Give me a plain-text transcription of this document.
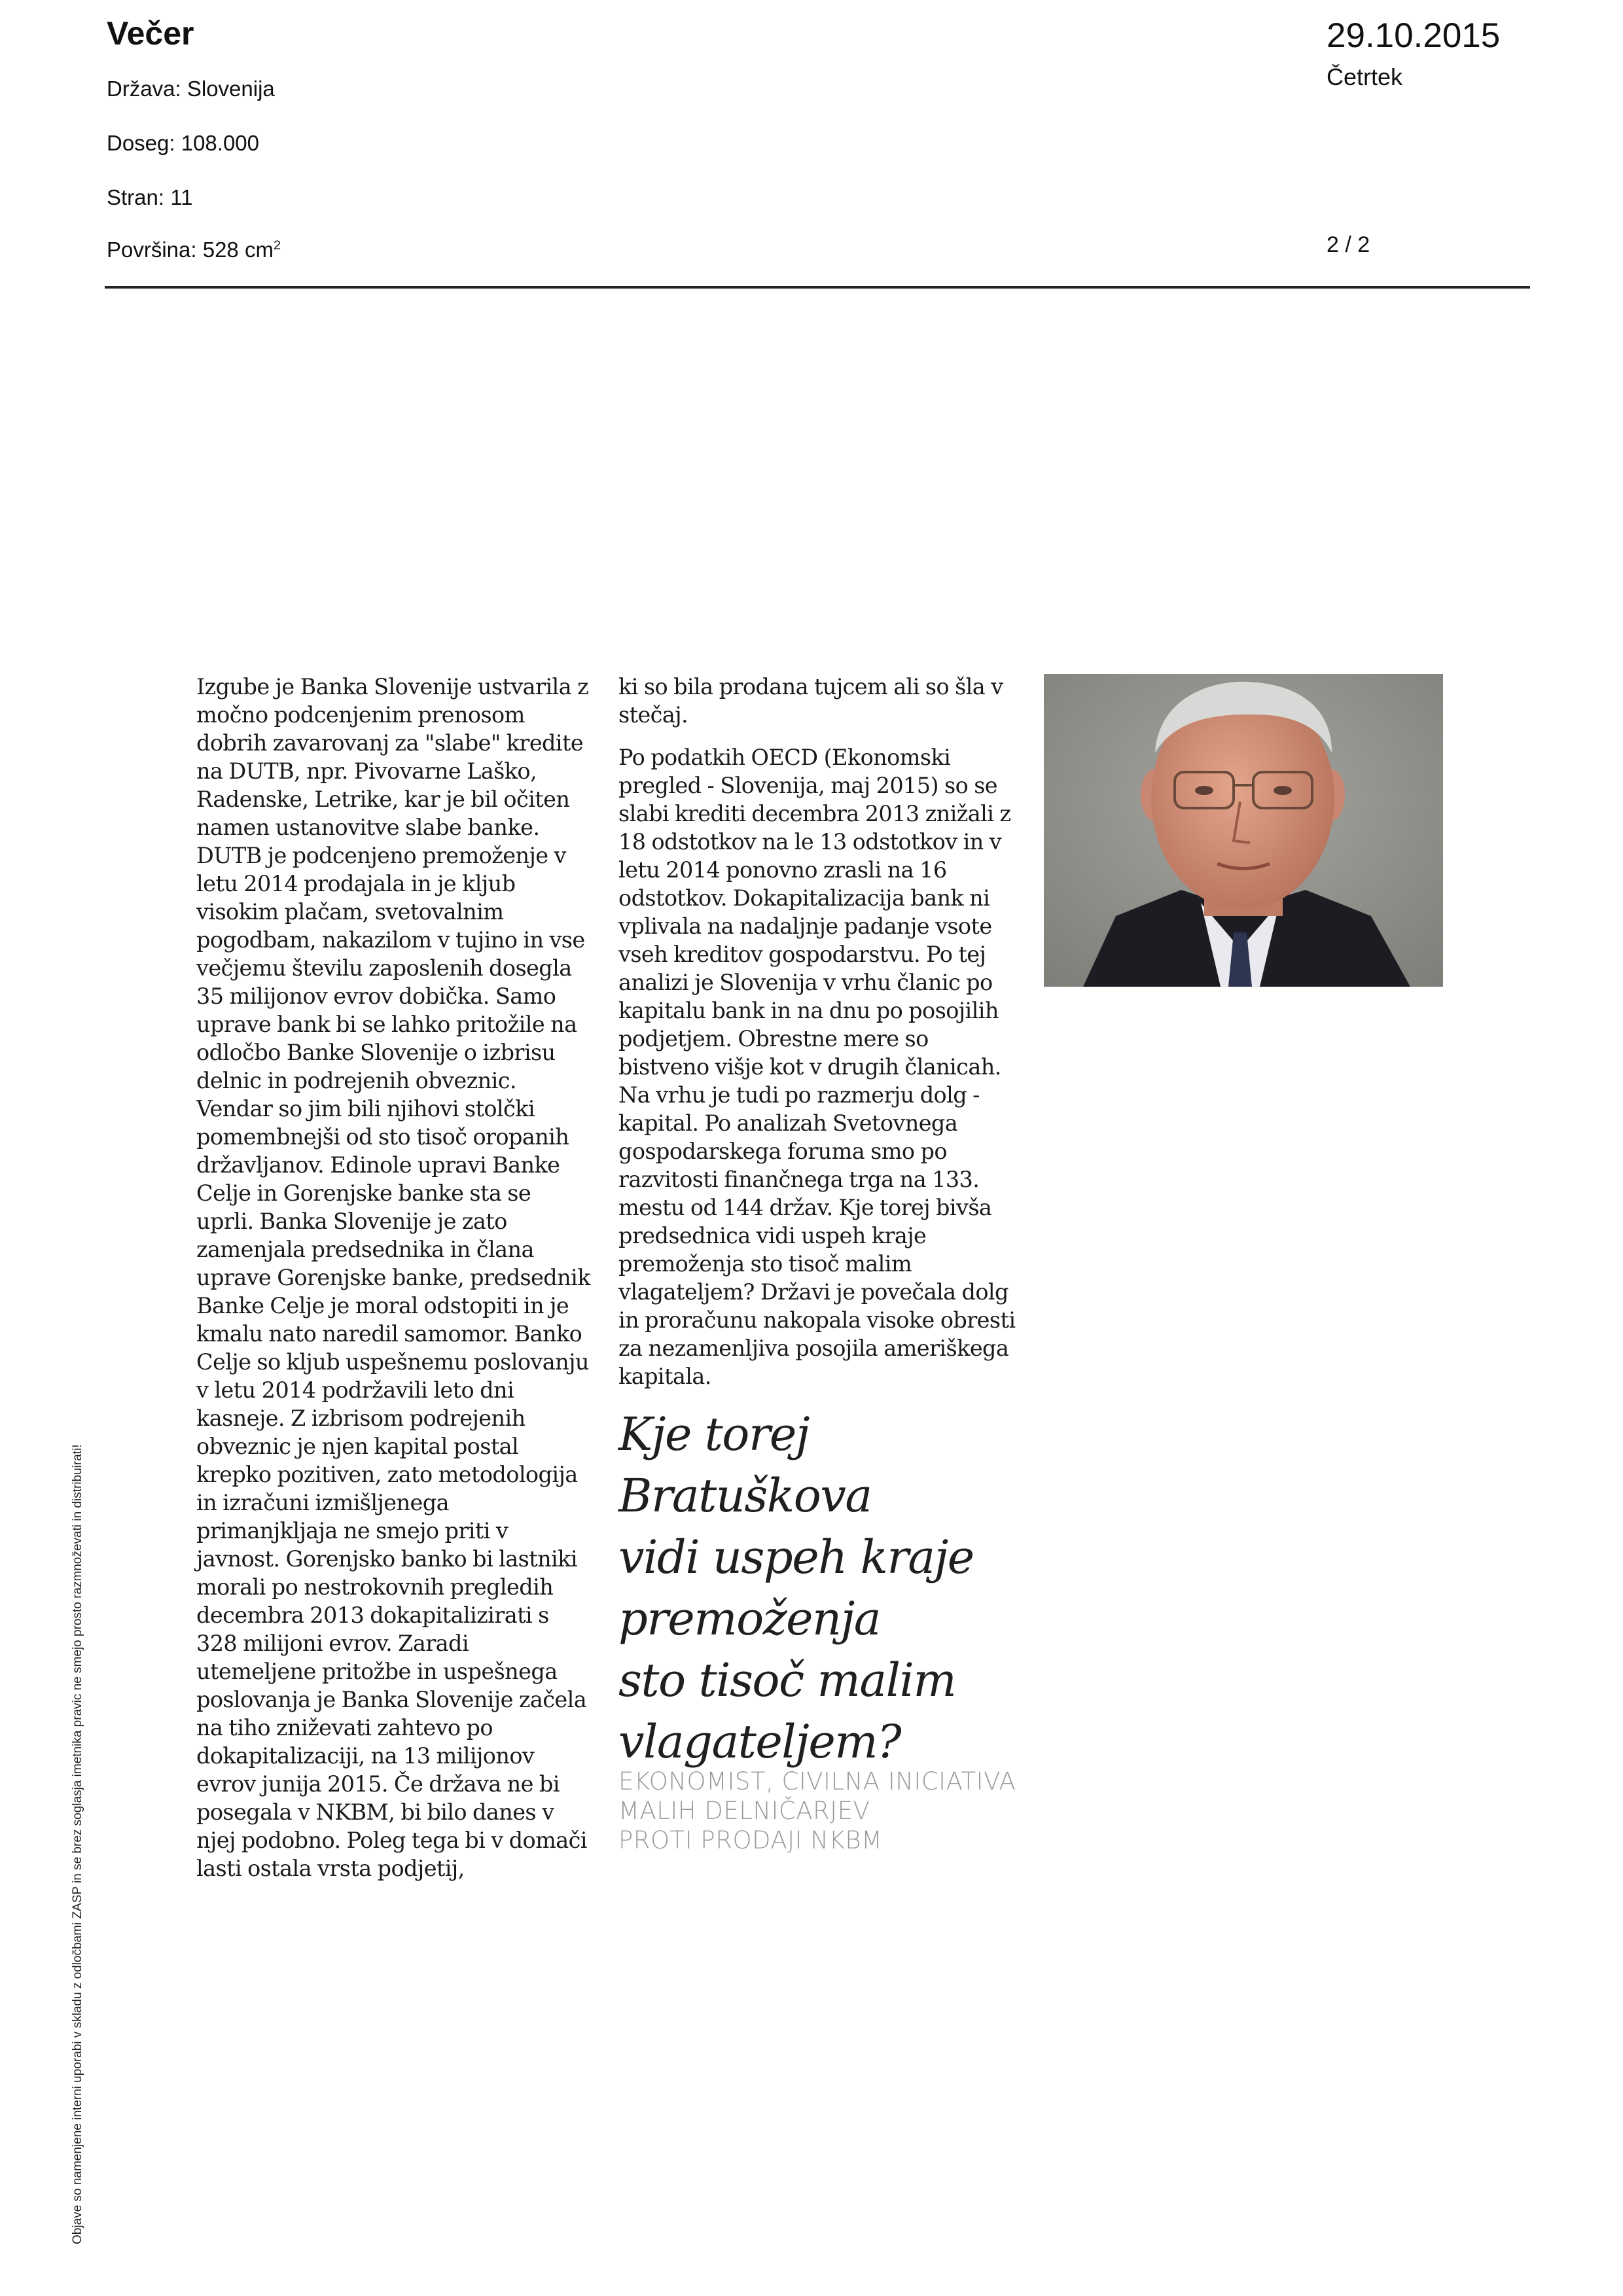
Večer
Država: Slovenija
Doseg: 108.000
Stran: 11
Površina: 528 $cm^2$
29.10.2015
Četrtek
2 / 2

Izgube je Banka Slovenije ustvarila z močno podcenjenim prenosom dobrih zavarovanj za "slabe" kredite na DUTB, npr. Pivovarne Laško, Radenske, Letrike, kar je bil očiten namen ustanovitve slabe banke. DUTB je podcenjeno premoženje v letu 2014 prodajala in je kljub visokim plačam, svetovalnim pogodbam, nakazilom v tujino in vse večjemu številu zaposlenih dosegla 35 milijonov evrov dobička. Samo uprave bank bi se lahko pritožile na odločbo Banke Slovenije o izbrisu delnic in podrejenih obveznic. Vendar so jim bili njihovi stolčki pomembnejši od sto tisoč oropanih državljanov. Edinole upravi Banke Celje in Gorenjske banke sta se uprli. Banka Slovenije je zato zamenjala predsednika in člana uprave Gorenjske banke, predsednik Banke Celje je moral odstopiti in je kmalu nato naredil samomor. Banko Celje so kljub uspešnemu poslovanju v letu 2014 podržavili leto dni kasneje. Z izbrisom podrejenih obveznic je njen kapital postal krepko pozitiven, zato metodologija in izračuni izmišljenega primanjkljaja ne smejo priti v javnost. Gorenjsko banko bi lastniki morali po nestrokovnih pregledih decembra 2013 dokapitalizirati s 328 milijoni evrov. Zaradi utemeljene pritožbe in uspešnega poslovanja je Banka Slovenije začela na tiho zniževati zahtevo po dokapitalizaciji, na 13 milijonov evrov junija 2015. Če država ne bi posegala v NKBM, bi bilo danes v njej podobno. Poleg tega bi v domači lasti ostala vrsta podjetij,

ki so bila prodana tujcem ali so šla v stečaj.

Po podatkih OECD (Ekonomski pregled - Slovenija, maj 2015) so se slabi krediti decembra 2013 znižali z 18 odstotkov na le 13 odstotkov in v letu 2014 ponovno zrasli na 16 odstotkov. Dokapitalizacija bank ni vplivala na nadaljnje padanje vsote vseh kreditov gospodarstvu. Po tej analizi je Slovenija v vrhu članic po kapitalu bank in na dnu po posojilih podjetjem. Obrestne mere so bistveno višje kot v drugih članicah. Na vrhu je tudi po razmerju dolg - kapital. Po analizah Svetovnega gospodarskega foruma smo po razvitosti finančnega trga na 133. mestu od 144 držav. Kje torej bivša predsednica vidi uspeh kraje premoženja sto tisoč malim vlagateljem? Državi je povečala dolg in proračunu nakopala visoke obresti za nezamenljiva posojila ameriškega kapitala.

Kje torej
Bratuškova
vidi uspeh kraje
premoženja
sto tisoč malim
vlagateljem?
EKONOMIST, CIVILNA INICIATIVA
MALIH DELNIČARJEV
PROTI PRODAJI NKBM
Objave so namenjene interni uporabi v skladu z odločbami ZASP in se brez soglasja imetnika pravic ne smejo prosto razmnoževati in distribuirati!
